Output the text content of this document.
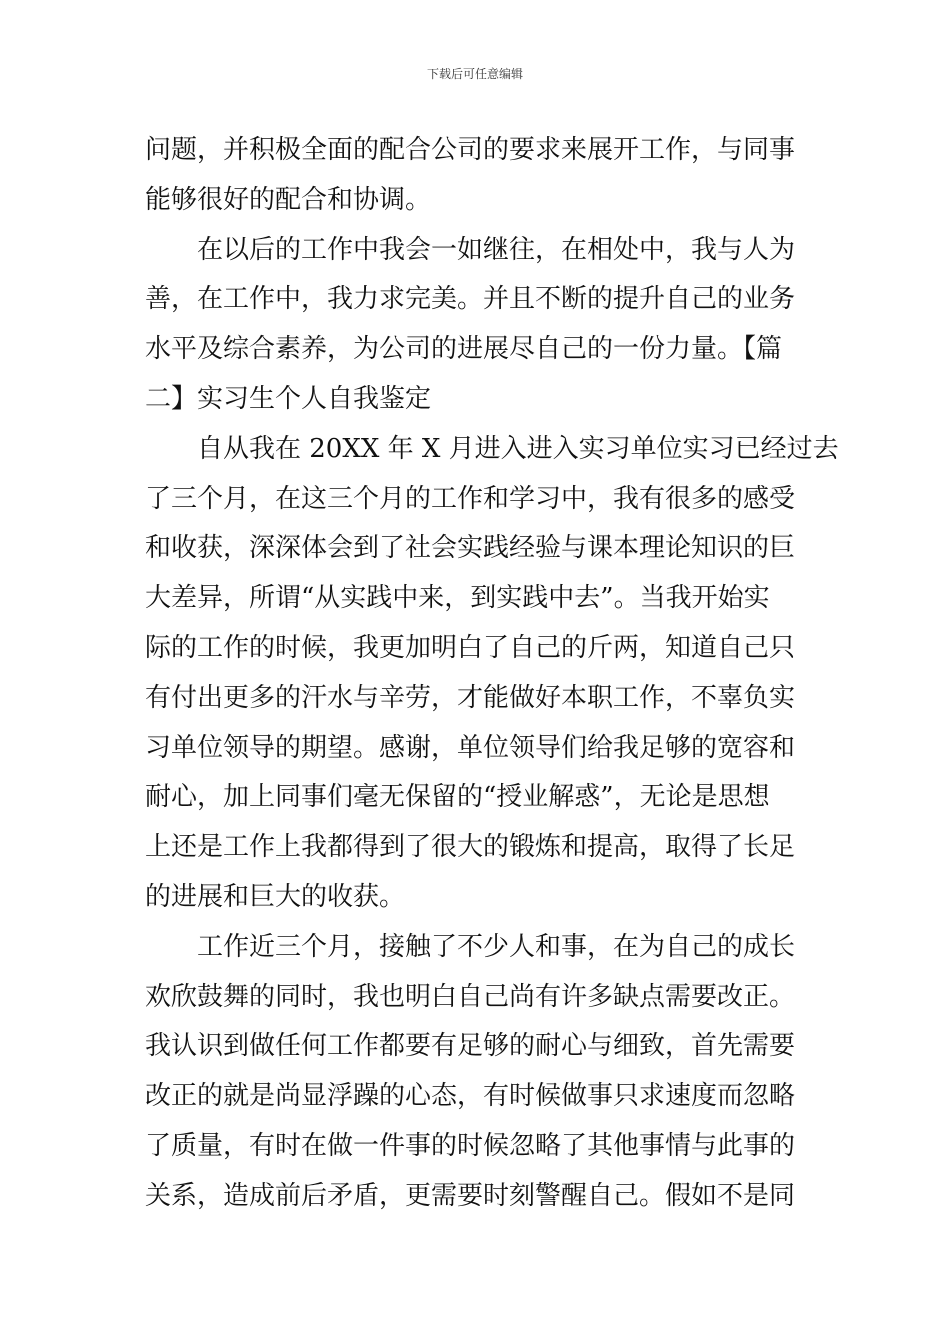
下载后可任意编辑
问题，并积极全面的配合公司的要求来展开工作，与同事
能够很好的配合和协调。
在以后的工作中我会一如继往，在相处中，我与人为
善，在工作中，我力求完美。并且不断的提升自己的业务
水平及综合素养，为公司的进展尽自己的一份力量。【篇
二】实习生个人自我鉴定
自从我在 20XX 年 X 月进入进入实习单位实习已经过去
了三个月，在这三个月的工作和学习中，我有很多的感受
和收获，深深体会到了社会实践经验与课本理论知识的巨
大差异，所谓“从实践中来，到实践中去”。当我开始实
际的工作的时候，我更加明白了自己的斤两，知道自己只
有付出更多的汗水与辛劳，才能做好本职工作，不辜负实
习单位领导的期望。感谢，单位领导们给我足够的宽容和
耐心，加上同事们毫无保留的“授业解惑”，无论是思想
上还是工作上我都得到了很大的锻炼和提高，取得了长足
的进展和巨大的收获。
工作近三个月，接触了不少人和事，在为自己的成长
欢欣鼓舞的同时，我也明白自己尚有许多缺点需要改正。
我认识到做任何工作都要有足够的耐心与细致，首先需要
改正的就是尚显浮躁的心态，有时候做事只求速度而忽略
了质量，有时在做一件事的时候忽略了其他事情与此事的
关系，造成前后矛盾，更需要时刻警醒自己。假如不是同
